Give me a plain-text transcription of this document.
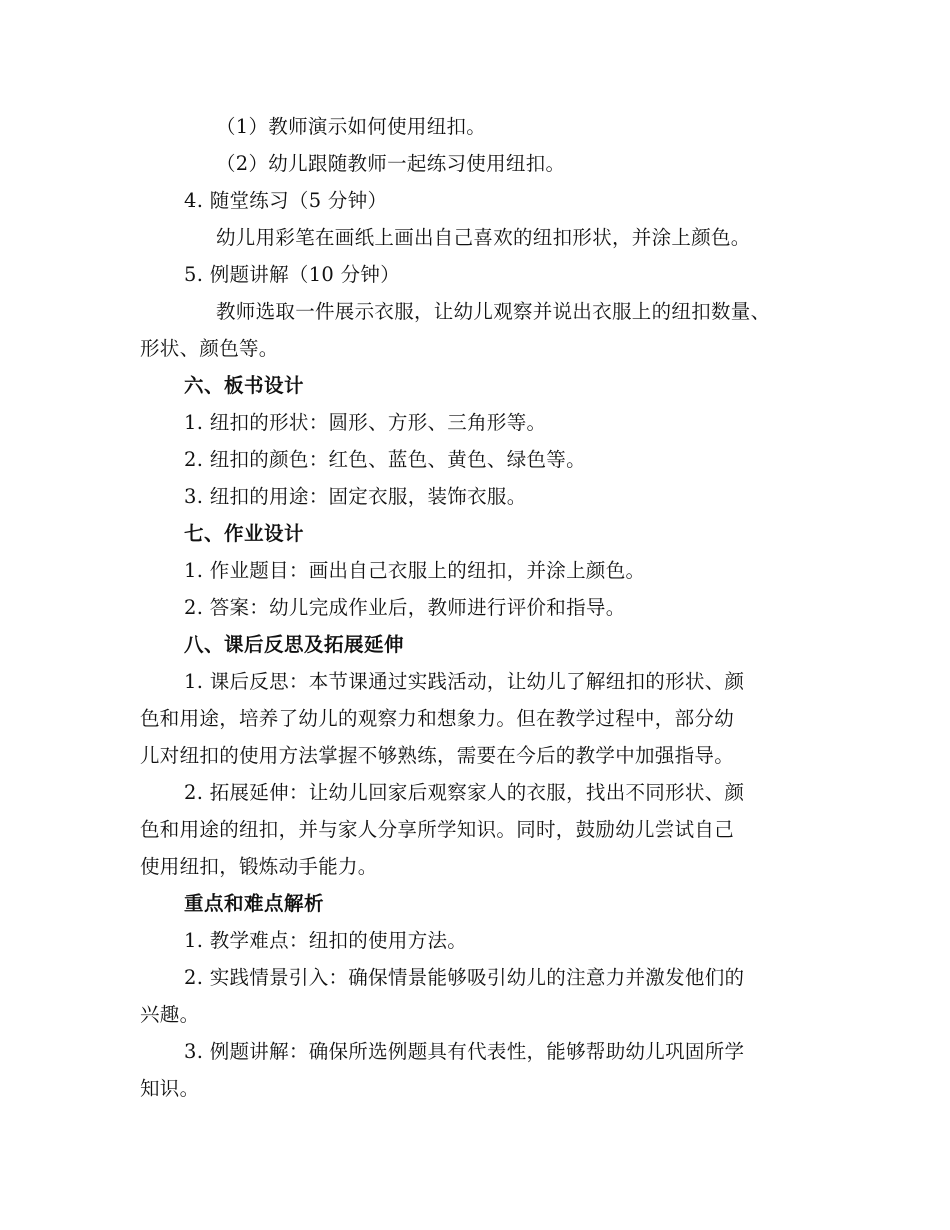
（1）教师演示如何使用纽扣。
（2）幼儿跟随教师一起练习使用纽扣。
4. 随堂练习（5 分钟）
幼儿用彩笔在画纸上画出自己喜欢的纽扣形状，并涂上颜色。
5. 例题讲解（10 分钟）
教师选取一件展示衣服，让幼儿观察并说出衣服上的纽扣数量、
形状、颜色等。
六、板书设计
1. 纽扣的形状：圆形、方形、三角形等。
2. 纽扣的颜色：红色、蓝色、黄色、绿色等。
3. 纽扣的用途：固定衣服，装饰衣服。
七、作业设计
1. 作业题目：画出自己衣服上的纽扣，并涂上颜色。
2. 答案：幼儿完成作业后，教师进行评价和指导。
八、课后反思及拓展延伸
1. 课后反思：本节课通过实践活动，让幼儿了解纽扣的形状、颜
色和用途，培养了幼儿的观察力和想象力。但在教学过程中，部分幼
儿对纽扣的使用方法掌握不够熟练，需要在今后的教学中加强指导。
2. 拓展延伸：让幼儿回家后观察家人的衣服，找出不同形状、颜
色和用途的纽扣，并与家人分享所学知识。同时，鼓励幼儿尝试自己
使用纽扣，锻炼动手能力。
重点和难点解析
1. 教学难点：纽扣的使用方法。
2. 实践情景引入：确保情景能够吸引幼儿的注意力并激发他们的
兴趣。
3. 例题讲解：确保所选例题具有代表性，能够帮助幼儿巩固所学
知识。
